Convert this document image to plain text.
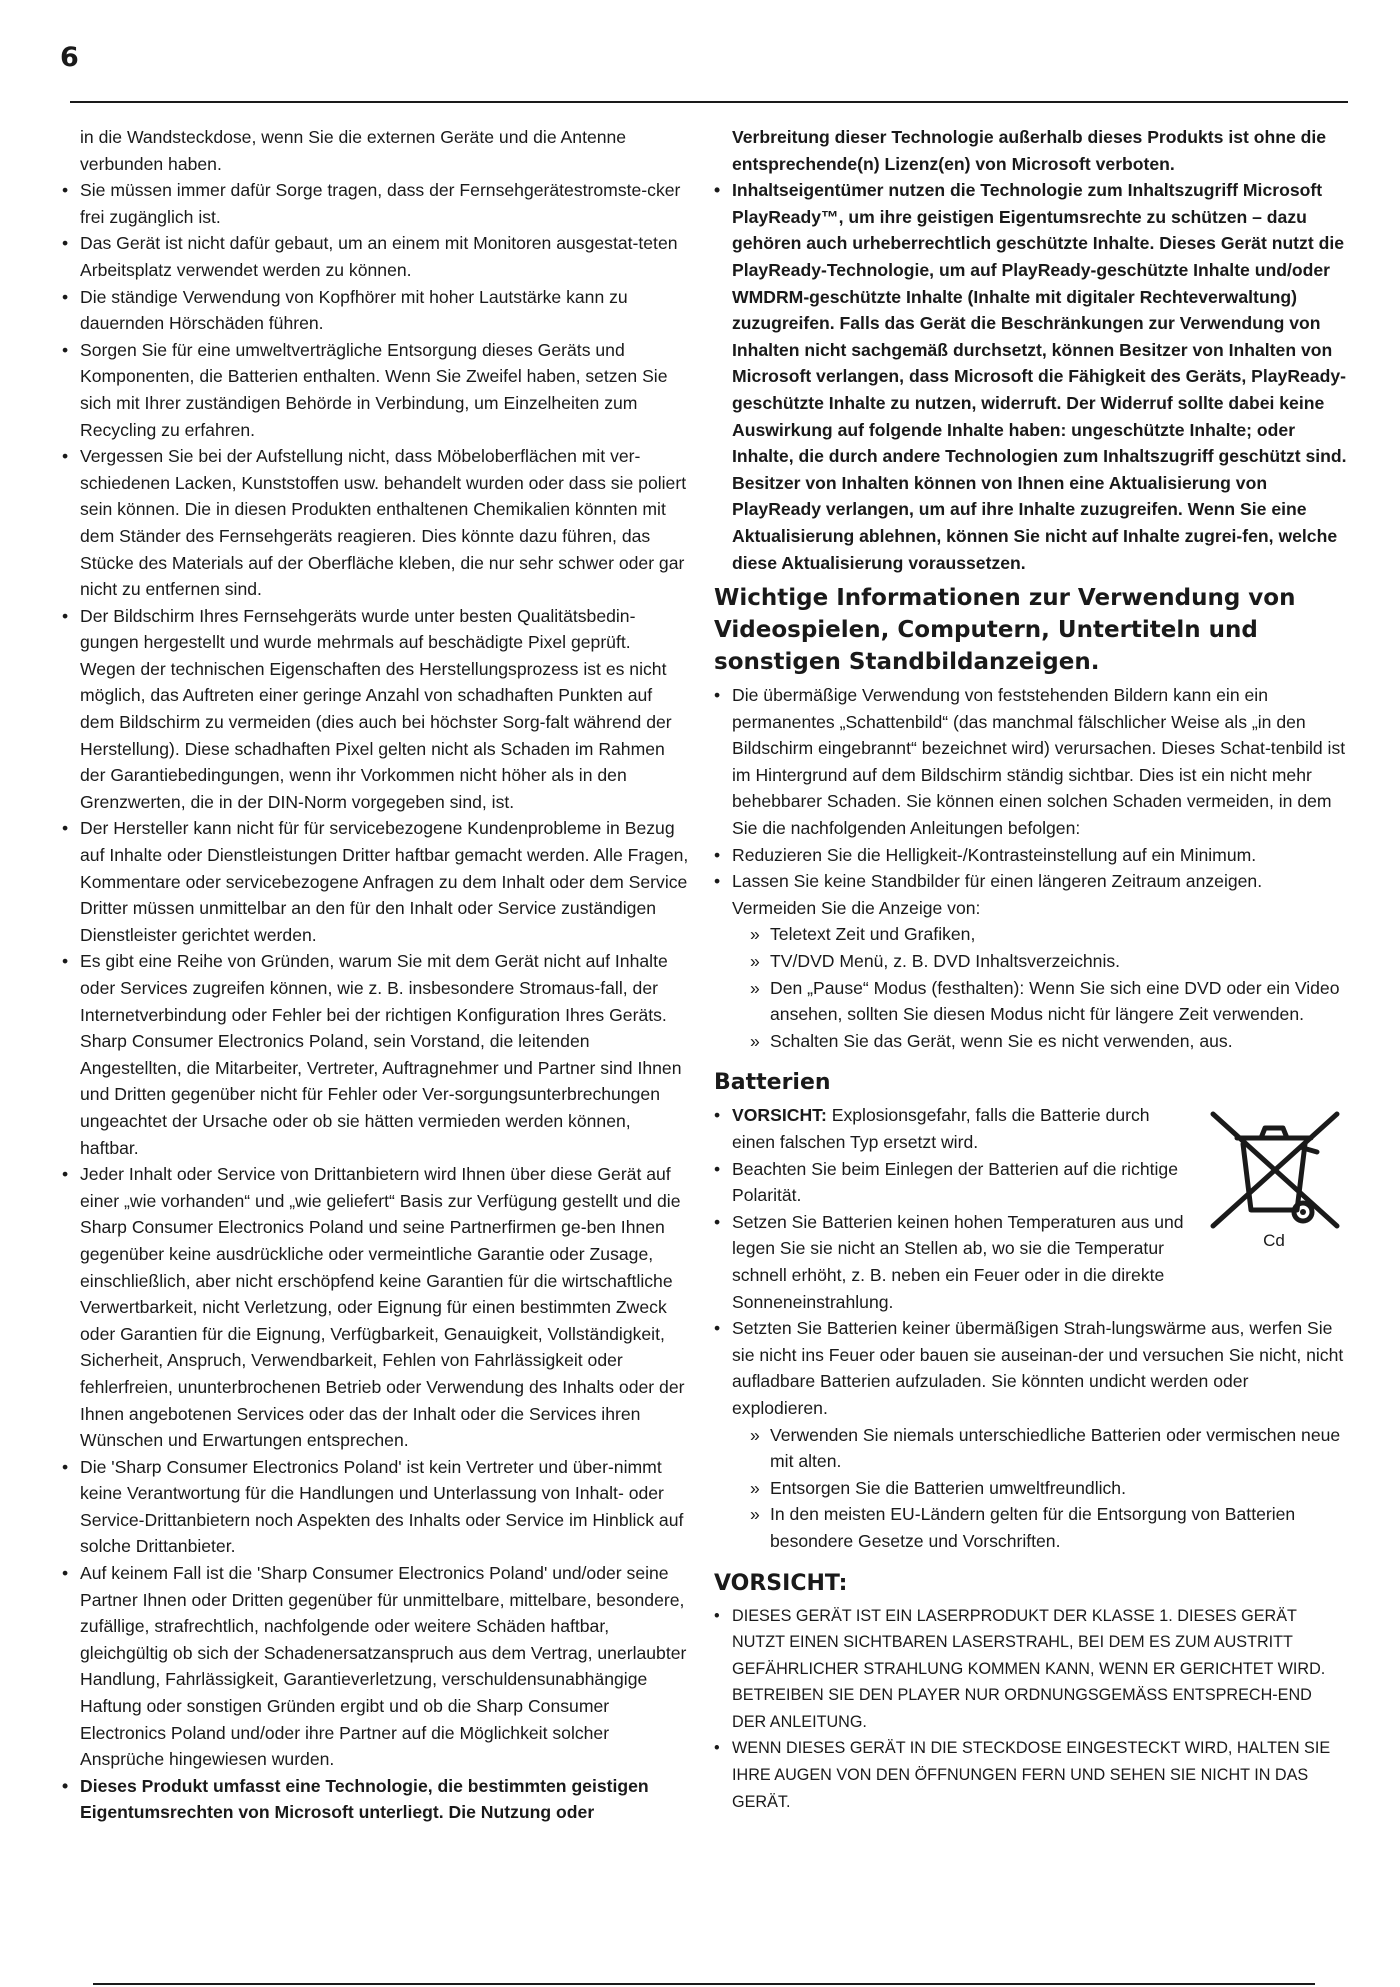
6
in die Wandsteckdose, wenn Sie die externen Geräte und die Antenne verbunden haben.
• Sie müssen immer dafür Sorge tragen, dass der Fernsehgerätestromste-cker frei zugänglich ist.
• Das Gerät ist nicht dafür gebaut, um an einem mit Monitoren ausgestat-teten Arbeitsplatz verwendet werden zu können.
• Die ständige Verwendung von Kopfhörer mit hoher Lautstärke kann zu dauernden Hörschäden führen.
• Sorgen Sie für eine umweltverträgliche Entsorgung dieses Geräts und Komponenten, die Batterien enthalten. Wenn Sie Zweifel haben, setzen Sie sich mit Ihrer zuständigen Behörde in Verbindung, um Einzelheiten zum Recycling zu erfahren.
• Vergessen Sie bei der Aufstellung nicht, dass Möbeloberflächen mit ver-schiedenen Lacken, Kunststoffen usw. behandelt wurden oder dass sie poliert sein können. Die in diesen Produkten enthaltenen Chemikalien könnten mit dem Ständer des Fernsehgeräts reagieren. Dies könnte dazu führen, das Stücke des Materials auf der Oberfläche kleben, die nur sehr schwer oder gar nicht zu entfernen sind.
• Der Bildschirm Ihres Fernsehgeräts wurde unter besten Qualitätsbedin-gungen hergestellt und wurde mehrmals auf beschädigte Pixel geprüft. Wegen der technischen Eigenschaften des Herstellungsprozess ist es nicht möglich, das Auftreten einer geringe Anzahl von schadhaften Punkten auf dem Bildschirm zu vermeiden (dies auch bei höchster Sorg-falt während der Herstellung). Diese schadhaften Pixel gelten nicht als Schaden im Rahmen der Garantiebedingungen, wenn ihr Vorkommen nicht höher als in den Grenzwerten, die in der DIN-Norm vorgegeben sind, ist.
• Der Hersteller kann nicht für für servicebezogene Kundenprobleme in Bezug auf Inhalte oder Dienstleistungen Dritter haftbar gemacht werden. Alle Fragen, Kommentare oder servicebezogene Anfragen zu dem Inhalt oder dem Service Dritter müssen unmittelbar an den für den Inhalt oder Service zuständigen Dienstleister gerichtet werden.
• Es gibt eine Reihe von Gründen, warum Sie mit dem Gerät nicht auf Inhalte oder Services zugreifen können, wie z. B. insbesondere Stromaus-fall, der Internetverbindung oder Fehler bei der richtigen Konfiguration Ihres Geräts. Sharp Consumer Electronics Poland, sein Vorstand, die leitenden Angestellten, die Mitarbeiter, Vertreter, Auftragnehmer und Partner sind Ihnen und Dritten gegenüber nicht für Fehler oder Ver-sorgungsunterbrechungen ungeachtet der Ursache oder ob sie hätten vermieden werden können, haftbar.
• Jeder Inhalt oder Service von Drittanbietern wird Ihnen über diese Gerät auf einer „wie vorhanden“ und „wie geliefert“ Basis zur Verfügung gestellt und die Sharp Consumer Electronics Poland und seine Partnerfirmen ge-ben Ihnen gegenüber keine ausdrückliche oder vermeintliche Garantie oder Zusage, einschließlich, aber nicht erschöpfend keine Garantien für die wirtschaftliche Verwertbarkeit, nicht Verletzung, oder Eignung für einen bestimmten Zweck oder Garantien für die Eignung, Verfügbarkeit, Genauigkeit, Vollständigkeit, Sicherheit, Anspruch, Verwendbarkeit, Fehlen von Fahrlässigkeit oder fehlerfreien, ununterbrochenen Betrieb oder Verwendung des Inhalts oder der Ihnen angebotenen Services oder das der Inhalt oder die Services ihren Wünschen und Erwartungen entsprechen.
• Die 'Sharp Consumer Electronics Poland' ist kein Vertreter und über-nimmt keine Verantwortung für die Handlungen und Unterlassung von Inhalt- oder Service-Drittanbietern noch Aspekten des Inhalts oder Service im Hinblick auf solche Drittanbieter.
• Auf keinem Fall ist die 'Sharp Consumer Electronics Poland' und/oder seine Partner Ihnen oder Dritten gegenüber für unmittelbare, mittelbare, besondere, zufällige, strafrechtlich, nachfolgende oder weitere Schäden haftbar, gleichgültig ob sich der Schadenersatzanspruch aus dem Vertrag, unerlaubter Handlung, Fahrlässigkeit, Garantieverletzung, verschuldensunabhängige Haftung oder sonstigen Gründen ergibt und ob die Sharp Consumer Electronics Poland und/oder ihre Partner auf die Möglichkeit solcher Ansprüche hingewiesen wurden.
• Dieses Produkt umfasst eine Technologie, die bestimmten geistigen Eigentumsrechten von Microsoft unterliegt. Die Nutzung oder
Verbreitung dieser Technologie außerhalb dieses Produkts ist ohne die entsprechende(n) Lizenz(en) von Microsoft verboten.
• Inhaltseigentümer nutzen die Technologie zum Inhaltszugriff Microsoft PlayReady™, um ihre geistigen Eigentumsrechte zu schützen – dazu gehören auch urheberrechtlich geschützte Inhalte. Dieses Gerät nutzt die PlayReady-Technologie, um auf PlayReady-geschützte Inhalte und/oder WMDRM-geschützte Inhalte (Inhalte mit digitaler Rechteverwaltung) zuzugreifen. Falls das Gerät die Beschränkungen zur Verwendung von Inhalten nicht sachgemäß durchsetzt, können Besitzer von Inhalten von Microsoft verlangen, dass Microsoft die Fähigkeit des Geräts, PlayReady-geschützte Inhalte zu nutzen, widerruft. Der Widerruf sollte dabei keine Auswirkung auf folgende Inhalte haben: ungeschützte Inhalte; oder Inhalte, die durch andere Technologien zum Inhaltszugriff geschützt sind. Besitzer von Inhalten können von Ihnen eine Aktualisierung von PlayReady verlangen, um auf ihre Inhalte zuzugreifen. Wenn Sie eine Aktualisierung ablehnen, können Sie nicht auf Inhalte zugrei-fen, welche diese Aktualisierung voraussetzen.
Wichtige Informationen zur Verwendung von Videospielen, Computern, Untertiteln und sonstigen Standbildanzeigen.
• Die übermäßige Verwendung von feststehenden Bildern kann ein ein permanentes „Schattenbild“ (das manchmal fälschlicher Weise als „in den Bildschirm eingebrannt“ bezeichnet wird) verursachen. Dieses Schat-tenbild ist im Hintergrund auf dem Bildschirm ständig sichtbar. Dies ist ein nicht mehr behebbarer Schaden. Sie können einen solchen Schaden vermeiden, in dem Sie die nachfolgenden Anleitungen befolgen:
• Reduzieren Sie die Helligkeit-/Kontrasteinstellung auf ein Minimum.
• Lassen Sie keine Standbilder für einen längeren Zeitraum anzeigen. Vermeiden Sie die Anzeige von:
» Teletext Zeit und Grafiken,
» TV/DVD Menü, z. B. DVD Inhaltsverzeichnis.
» Den „Pause“ Modus (festhalten): Wenn Sie sich eine DVD oder ein Video ansehen, sollten Sie diesen Modus nicht für längere Zeit verwenden.
» Schalten Sie das Gerät, wenn Sie es nicht verwenden, aus.
Batterien
Cd
• VORSICHT: Explosionsgefahr, falls die Batterie durch einen falschen Typ ersetzt wird.
• Beachten Sie beim Einlegen der Batterien auf die richtige Polarität.
• Setzen Sie Batterien keinen hohen Temperaturen aus und legen Sie sie nicht an Stellen ab, wo sie die Temperatur schnell erhöht, z. B. neben ein Feuer oder in die direkte Sonneneinstrahlung.
• Setzten Sie Batterien keiner übermäßigen Strah-lungswärme aus, werfen Sie sie nicht ins Feuer oder bauen sie auseinan-der und versuchen Sie nicht, nicht aufladbare Batterien aufzuladen. Sie könnten undicht werden oder explodieren.
» Verwenden Sie niemals unterschiedliche Batterien oder vermischen neue mit alten.
» Entsorgen Sie die Batterien umweltfreundlich.
» In den meisten EU-Ländern gelten für die Entsorgung von Batterien besondere Gesetze und Vorschriften.
VORSICHT:
• DIESES GERÄT IST EIN LASERPRODUKT DER KLASSE 1. DIESES GERÄT NUTZT EINEN SICHTBAREN LASERSTRAHL, BEI DEM ES ZUM AUSTRITT GEFÄHRLICHER STRAHLUNG KOMMEN KANN, WENN ER GERICHTET WIRD. BETREIBEN SIE DEN PLAYER NUR ORDNUNGSGEMÄSS ENTSPRECH-END DER ANLEITUNG.
• WENN DIESES GERÄT IN DIE STECKDOSE EINGESTECKT WIRD, HALTEN SIE IHRE AUGEN VON DEN ÖFFNUNGEN FERN UND SEHEN SIE NICHT IN DAS GERÄT.
